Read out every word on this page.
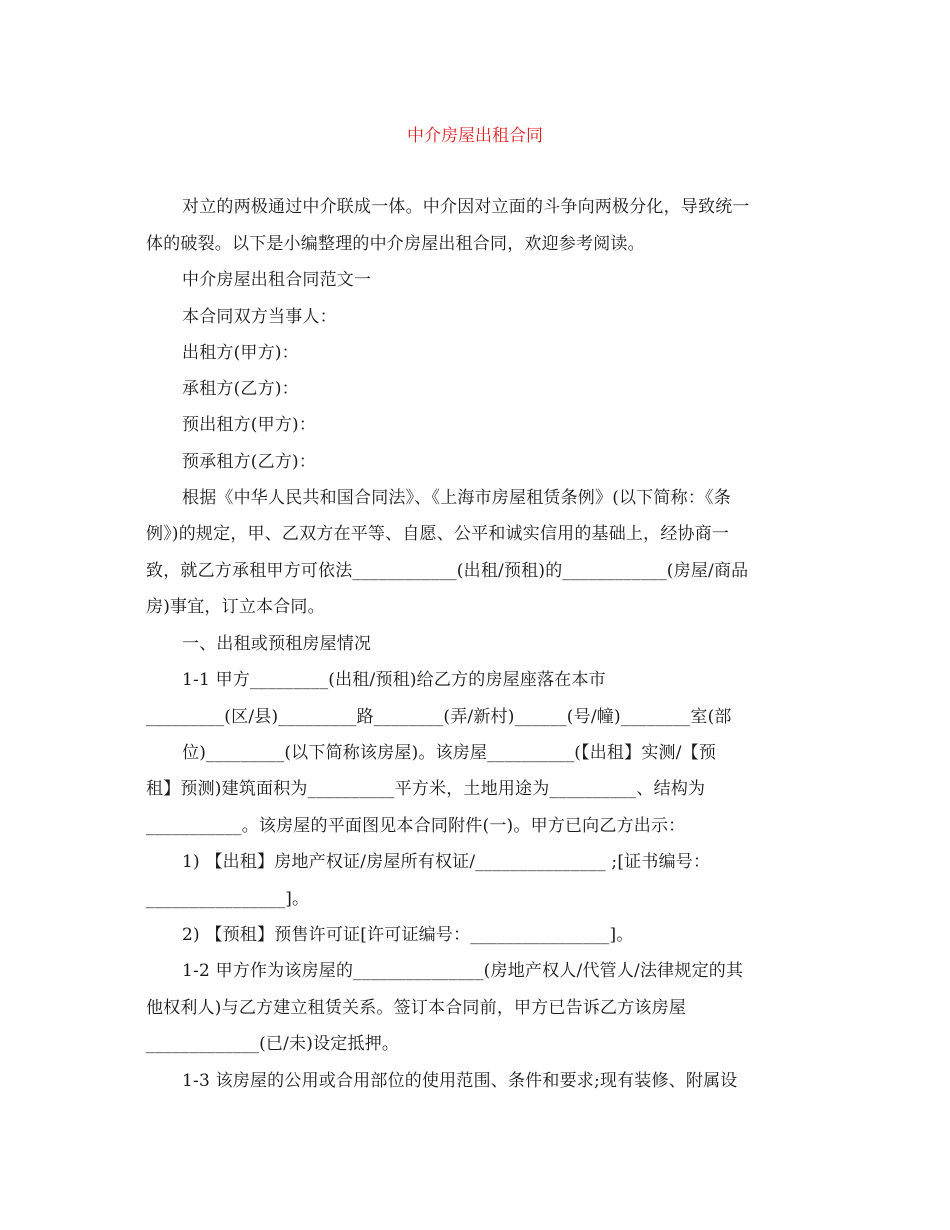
中介房屋出租合同
对立的两极通过中介联成一体。中介因对立面的斗争向两极分化，导致统一
体的破裂。以下是小编整理的中介房屋出租合同，欢迎参考阅读。
中介房屋出租合同范文一
本合同双方当事人：
出租方(甲方)：
承租方(乙方)：
预出租方(甲方)：
预承租方(乙方)：
根据《中华人民共和国合同法》、《上海市房屋租赁条例》(以下简称：《条
例》)的规定，甲、乙双方在平等、自愿、公平和诚实信用的基础上，经协商一
致，就乙方承租甲方可依法____________(出租/预租)的____________(房屋/商品
房)事宜，订立本合同。
一、出租或预租房屋情况
1-1 甲方_________(出租/预租)给乙方的房屋座落在本市
_________(区/县)_________路________(弄/新村)______(号/幢)________室(部
位)_________(以下简称该房屋)。该房屋__________(【出租】实测/【预
租】预测)建筑面积为__________平方米，土地用途为__________、结构为
___________。该房屋的平面图见本合同附件(一)。甲方已向乙方出示：
1) 【出租】房地产权证/房屋所有权证/_______________ ;[证书编号：
________________]。
2) 【预租】预售许可证[许可证编号：________________]。
1-2 甲方作为该房屋的_______________(房地产权人/代管人/法律规定的其
他权利人)与乙方建立租赁关系。签订本合同前，甲方已告诉乙方该房屋
_____________(已/未)设定抵押。
1-3 该房屋的公用或合用部位的使用范围、条件和要求;现有装修、附属设
